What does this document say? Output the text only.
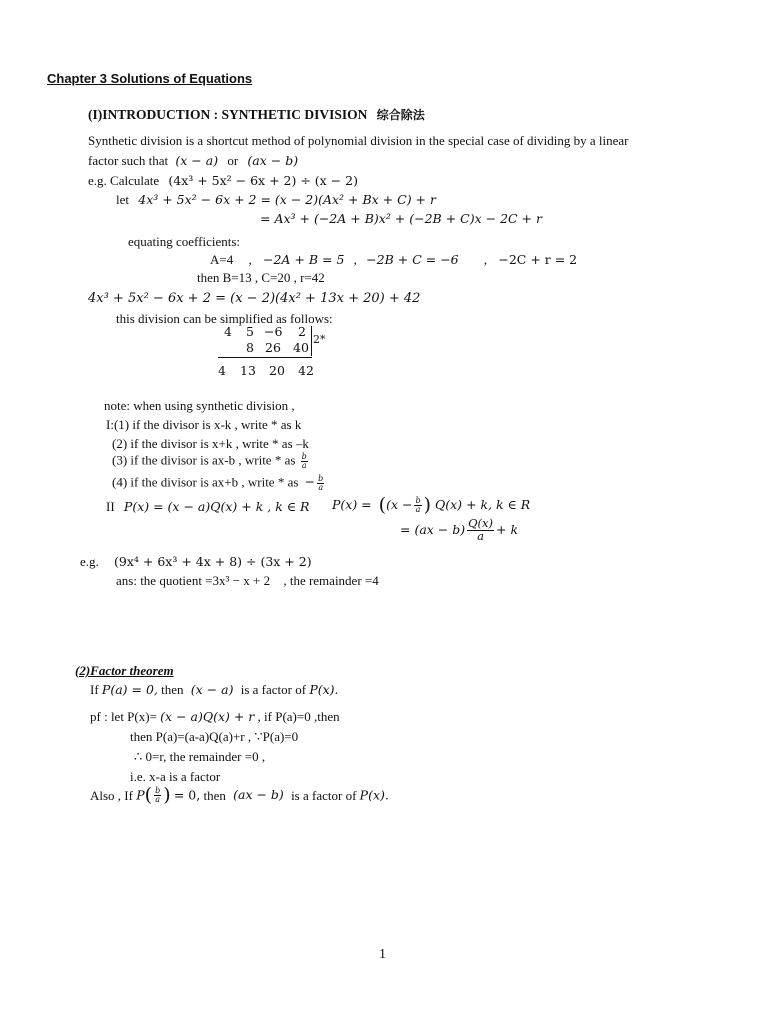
Chapter 3 Solutions of Equations
(I)INTRODUCTION : SYNTHETIC DIVISION 综合除法
Synthetic division is a shortcut method of polynomial division in the special case of dividing by a linear
factor such that (x − a) or (ax − b)
e.g. Calculate (4x³ + 5x² − 6x + 2) ÷ (x − 2)
let 4x³ + 5x² − 6x + 2 = (x − 2)(Ax² + Bx + C) + r
= Ax³ + (−2A + B)x² + (−2B + C)x − 2C + r
equating coefficients:
A=4 , −2A + B = 5 , −2B + C = −6 , −2C + r = 2
then B=13 , C=20 , r=42
4x³ + 5x² − 6x + 2 = (x − 2)(4x² + 13x + 20) + 42
this division can be simplified as follows:
4 5 −6 2
8 26 40
2*
4 13 20 42
note: when using synthetic division ,
I:(1) if the divisor is x-k , write * as k
(2) if the divisor is x+k , write * as –k
(3) if the divisor is ax-b , write * as $\frac{b}{a}$
(4) if the divisor is ax+b , write * as − $\frac{b}{a}$
II P(x) = (x − a)Q(x) + k , k ∈ R $P(x) = ((x - \frac{b}{a}$ ) Q(x) + k, k ∈ R
= $(ax - b) \frac{Q(x)}{a} + k$
e.g. (9x⁴ + 6x³ + 4x + 8) ÷ (3x + 2)
ans: the quotient =3x³ − x + 2 , the remainder =4
(2)Factor theorem
If P(a) = 0, then (x − a) is a factor of P(x).
pf : let P(x)= (x − a)Q(x) + r , if P(a)=0 ,then
then P(a)=(a-a)Q(a)+r , ∵P(a)=0
∴ 0=r, the remainder =0 ,
i.e. x-a is a factor
Also , If $P( \frac{b}{a}$ ) = 0, then (ax − b) is a factor of P(x).
1
